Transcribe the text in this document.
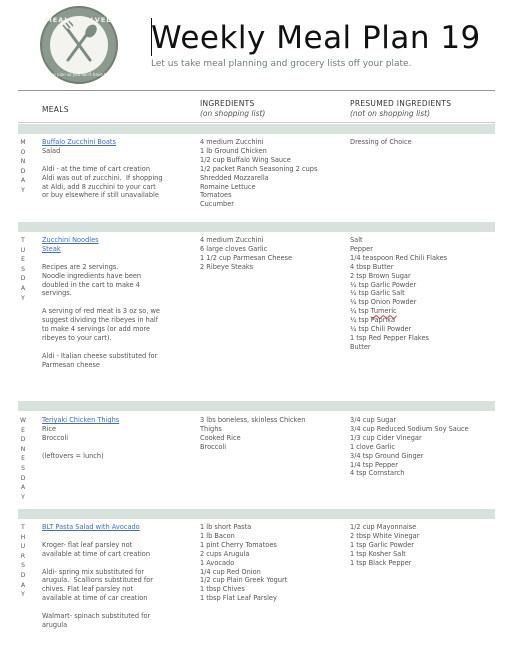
MEALS SOLVED
we plan so you don't have to
Weekly Meal Plan 19
Let us take meal planning and grocery lists off your plate.
MEALS
INGREDIENTS
(on shopping list)
PRESUMED INGREDIENTS
(not on shopping list)
M
O
N
D
A
Y
Buffalo Zucchini Boats
Salad

Aldi - at the time of cart creation
Aldi was out of zucchini.  If shopping
at Aldi, add 8 zucchini to your cart
or buy elsewhere if still unavailable
4 medium Zucchini
1 lb Ground Chicken
1/2 cup Buffalo Wing Sauce
1/2 packet Ranch Seasoning 2 cups
Shredded Mozzarella
Romaine Lettuce
Tomatoes
Cucumber
Dressing of Choice
T
U
E
S
D
A
Y
Zucchini Noodles
Steak

Recipes are 2 servings.
Noodle ingredients have been
doubled in the cart to make 4
servings.

A serving of red meat is 3 oz so, we
suggest dividing the ribeyes in half
to make 4 servings (or add more
ribeyes to your cart).

Aldi - Italian cheese substituted for
Parmesan cheese
4 medium Zucchini
6 large cloves Garlic
1 1/2 cup Parmesan Cheese
2 Ribeye Steaks
Salt
Pepper
1/4 teaspoon Red Chili Flakes
4 tbsp Butter
2 tsp Brown Sugar
¼ tsp Garlic Powder
¼ tsp Garlic Salt
¼ tsp Onion Powder
¼ tsp Tumeric
¼ tsp Paprika
¼ tsp Chili Powder
1 tsp Red Pepper Flakes
Butter
W
E
D
N
E
S
D
A
Y
Teriyaki Chicken Thighs
Rice
Broccoli

(leftovers = lunch)
3 lbs boneless, skinless Chicken
Thighs
Cooked Rice
Broccoli
3/4 cup Sugar
3/4 cup Reduced Sodium Soy Sauce
1/3 cup Cider Vinegar
1 clove Garlic
3/4 tsp Ground Ginger
1/4 tsp Pepper
4 tsp Cornstarch
T
H
U
R
S
D
A
Y
BLT Pasta Salad with Avocado

Kroger- flat leaf parsley not
available at time of cart creation

Aldi- spring mix substituted for
arugula.  Scallions substituted for
chives. Flat leaf parsley not
available at time of car creation

Walmart- spinach substituted for
arugula
1 lb short Pasta
1 lb Bacon
1 pint Cherry Tomatoes
2 cups Arugula
1 Avocado
1/4 cup Red Onion
1/2 cup Plain Greek Yogurt
1 tbsp Chives
1 tbsp Flat Leaf Parsley
1/2 cup Mayonnaise
2 tbsp White Vinegar
1 tsp Garlic Powder
1 tsp Kosher Salt
1 tsp Black Pepper
